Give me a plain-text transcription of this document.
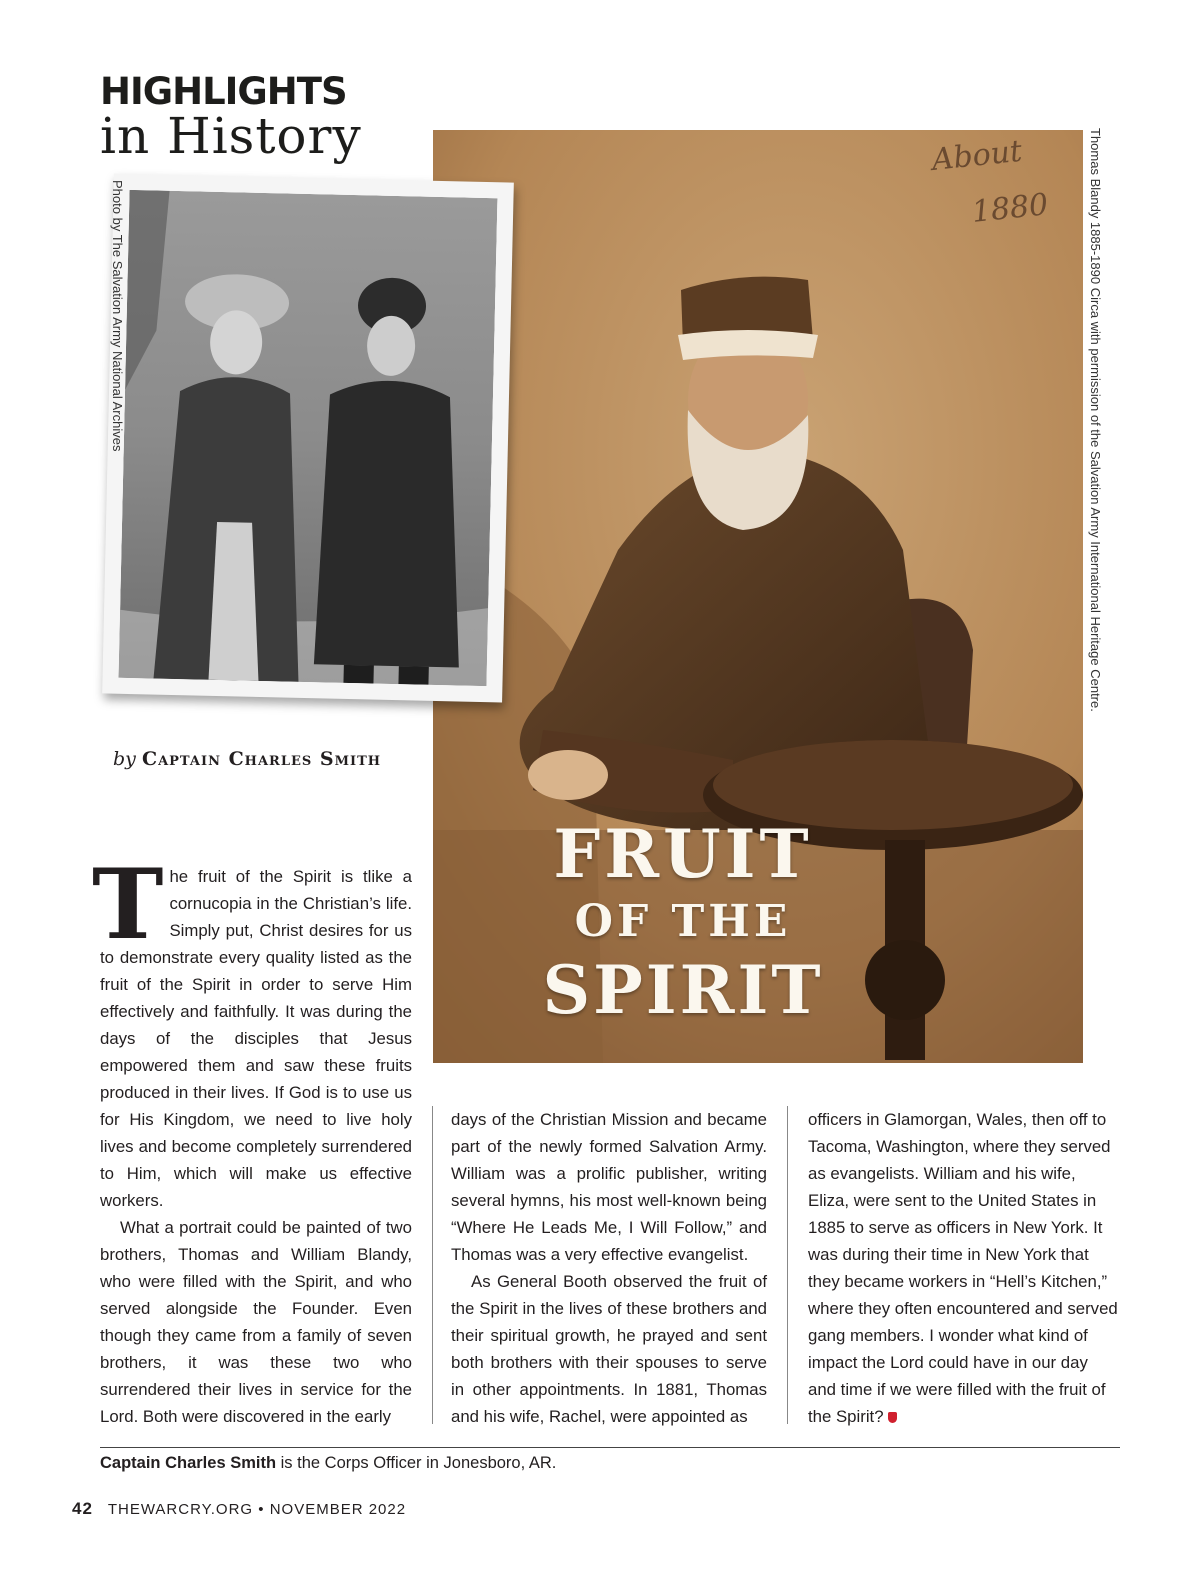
HIGHLIGHTS
in History	About
1880
FRUIT
OF THE
SPIRIT
Photo by The Salvation Army National Archives	Thomas Blandy 1885-1890 Circa with permission of the Salvation Army International Heritage Centre.
by Captain Charles Smith

The fruit of the Spirit is tlike a cornucopia in the Christian’s life. Simply put, Christ desires for us to demonstrate every quality listed as the fruit of the Spirit in order to serve Him effectively and faithfully. It was during the days of the disciples that Jesus empowered them and saw these fruits produced in their lives. If God is to use us for His Kingdom, we need to live holy lives and become completely surrendered to Him, which will make us effective workers.

What a portrait could be painted of two brothers, Thomas and William Blandy, who were filled with the Spirit, and who served alongside the Founder. Even though they came from a family of seven brothers, it was these two who surrendered their lives in service for the Lord. Both were discovered in the early

days of the Christian Mission and became part of the newly formed Salvation Army. William was a prolific publisher, writing several hymns, his most well-known being “Where He Leads Me, I Will Follow,” and Thomas was a very effective evangelist.

As General Booth observed the fruit of the Spirit in the lives of these brothers and their spiritual growth, he prayed and sent both brothers with their spouses to serve in other appointments. In 1881, Thomas and his wife, Rachel, were appointed as

officers in Glamorgan, Wales, then off to Tacoma, Washington, where they served as evangelists. William and his wife, Eliza, were sent to the United States in 1885 to serve as officers in New York. It was during their time in New York that they became workers in “Hell’s Kitchen,” where they often encountered and served gang members. I wonder what kind of impact the Lord could have in our day and time if we were filled with the fruit of the Spirit?

Captain Charles Smith is the Corps Officer in Jonesboro, AR.
42 THEWARCRY.ORG • NOVEMBER 2022
